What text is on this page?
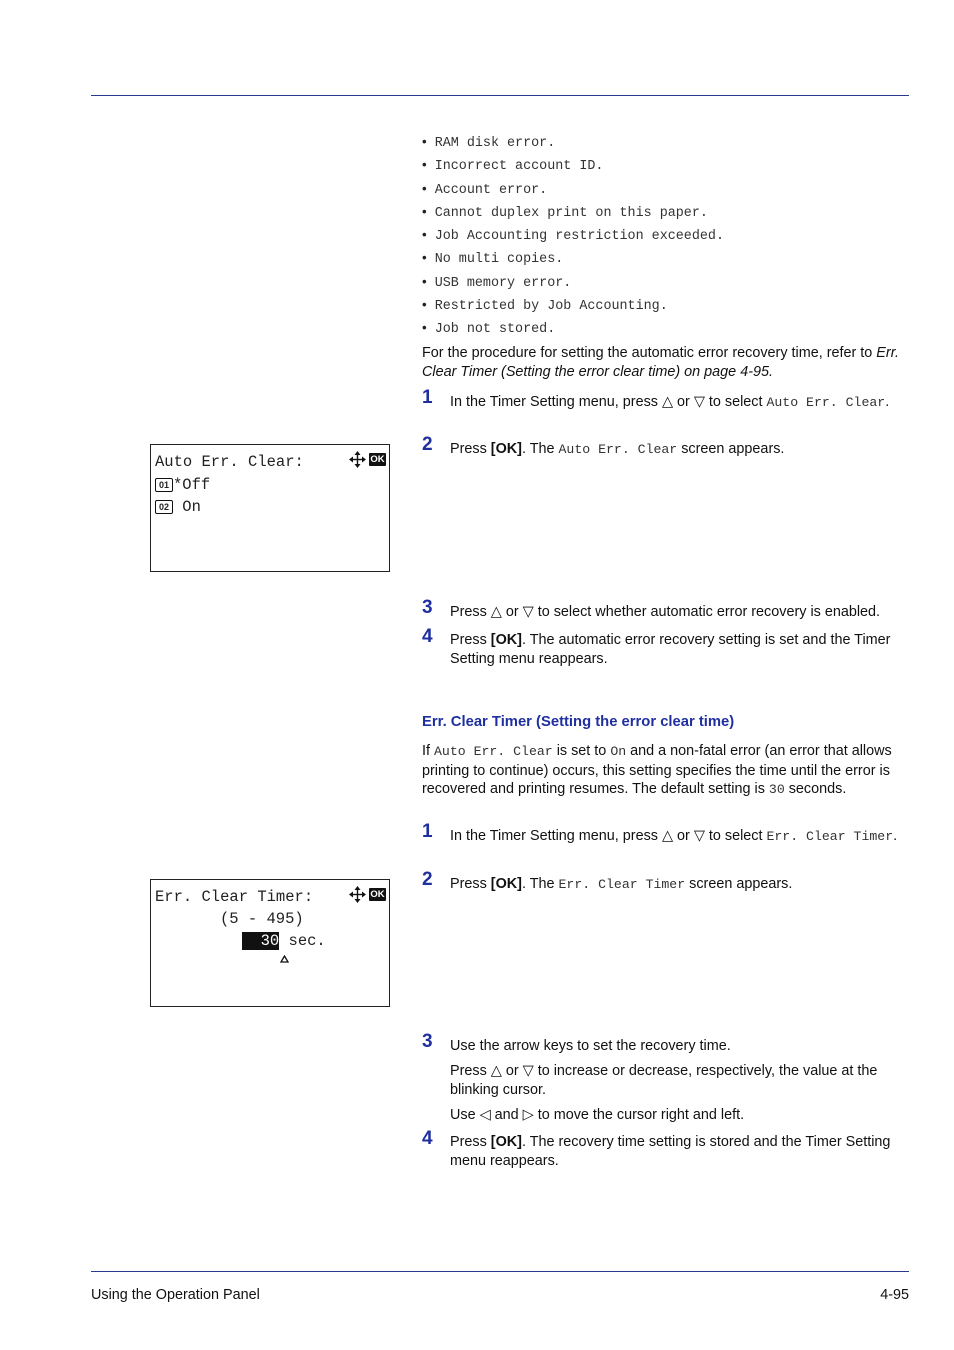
• RAM disk error.
• Incorrect account ID.
• Account error.
• Cannot duplex print on this paper.
• Job Accounting restriction exceeded.
• No multi copies.
• USB memory error.
• Restricted by Job Accounting.
• Job not stored.

For the procedure for setting the automatic error recovery time, refer to Err. Clear Timer (Setting the error clear time) on page 4-95.

1 In the Timer Setting menu, press △ or ▽ to select Auto Err. Clear.
2 Press [OK]. The Auto Err. Clear screen appears.
Auto Err. Clear:	OK
01 *Off
02 On
3 Press △ or ▽ to select whether automatic error recovery is enabled.
4 Press [OK]. The automatic error recovery setting is set and the Timer Setting menu reappears.
Err. Clear Timer (Setting the error clear time)

If Auto Err. Clear is set to On and a non-fatal error (an error that allows printing to continue) occurs, this setting specifies the time until the error is recovered and printing resumes. The default setting is 30 seconds.

1 In the Timer Setting menu, press △ or ▽ to select Err. Clear Timer.
2 Press [OK]. The Err. Clear Timer screen appears.
Err. Clear Timer:	OK
(5 - 495)
30 sec.
3 Use the arrow keys to set the recovery time.
Press △ or ▽ to increase or decrease, respectively, the value at the blinking cursor.
Use ◁ and ▷ to move the cursor right and left.
4 Press [OK]. The recovery time setting is stored and the Timer Setting menu reappears.
Using the Operation Panel	4-95
